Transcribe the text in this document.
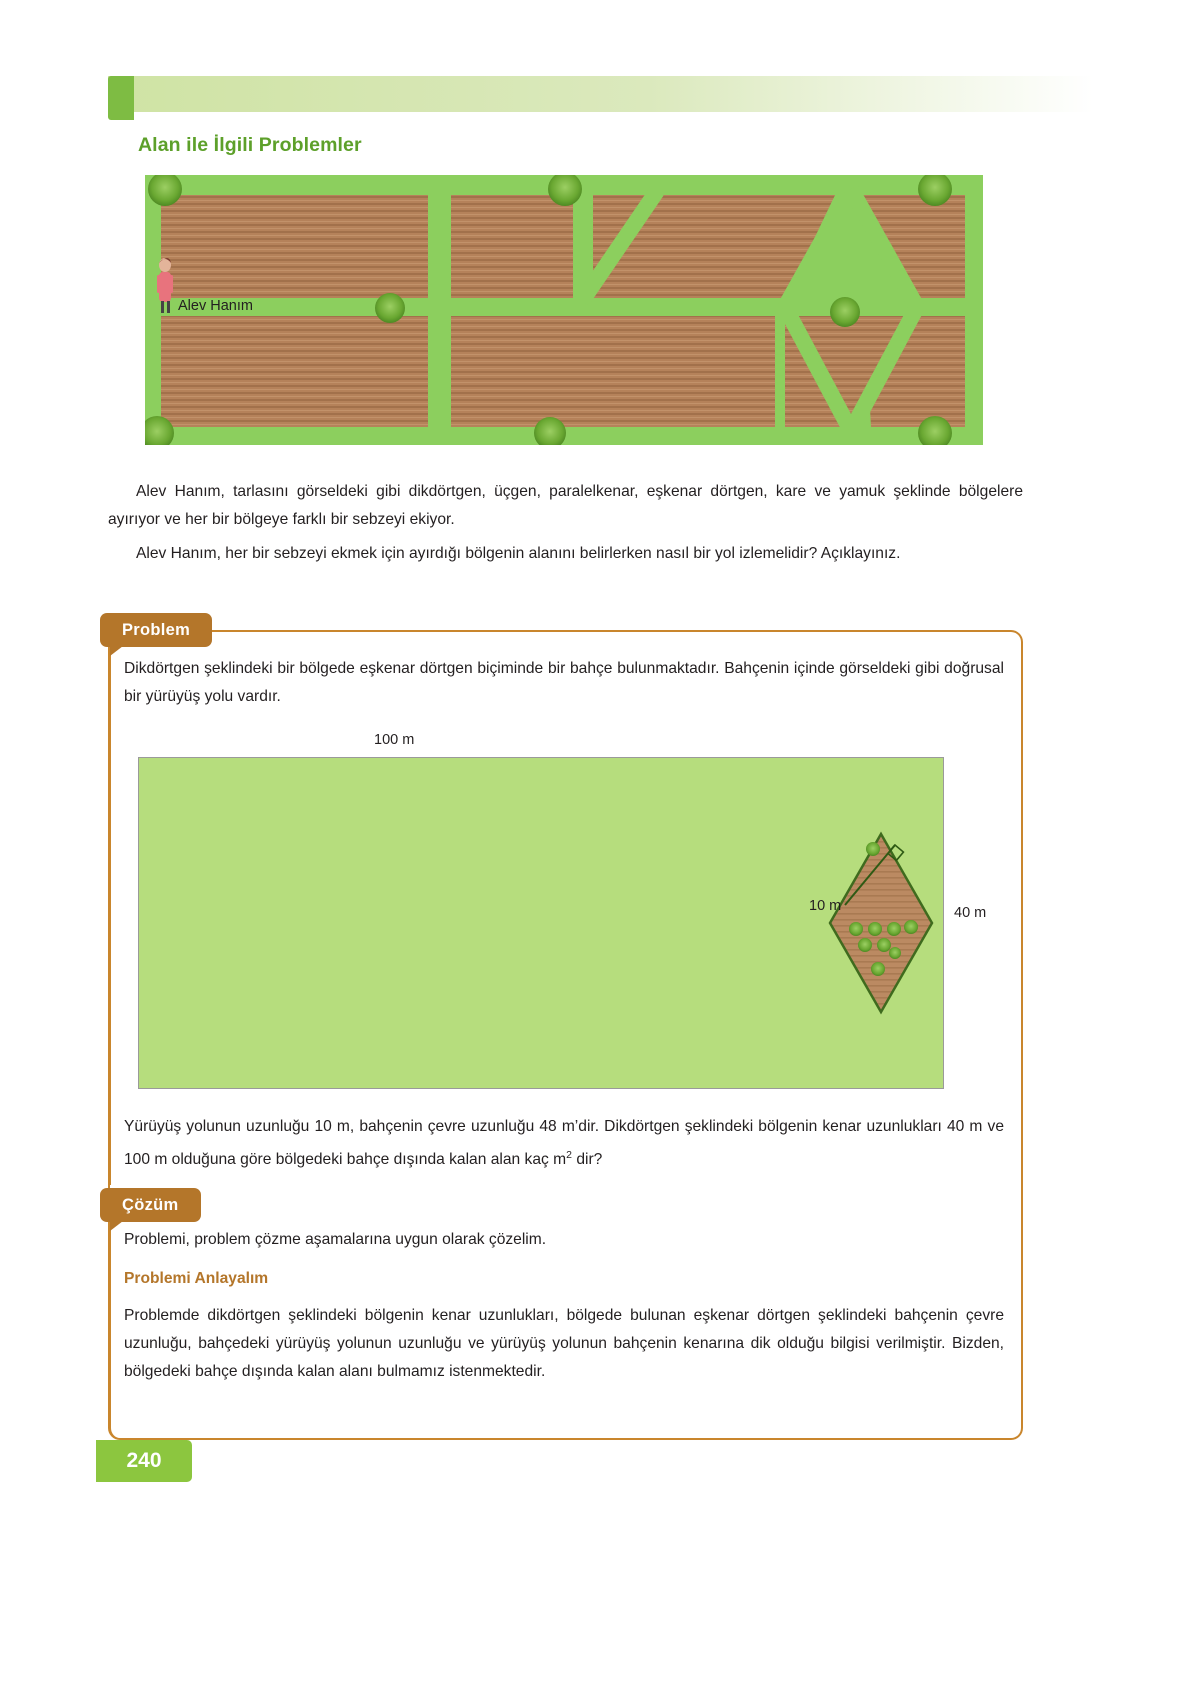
Alan ile İlgili Problemler
Alev Hanım
Alev Hanım, tarlasını görseldeki gibi dikdörtgen, üçgen, paralelkenar, eşkenar dörtgen, kare ve yamuk şeklinde bölgelere ayırıyor ve her bir bölgeye farklı bir sebzeyi ekiyor.
Alev Hanım, her bir sebzeyi ekmek için ayırdığı bölgenin alanını belirlerken nasıl bir yol izlemelidir? Açıklayınız.
Problem
Çözüm
Dikdörtgen şeklindeki bir bölgede eşkenar dörtgen biçiminde bir bahçe bulunmaktadır. Bahçenin içinde görseldeki gibi doğrusal bir yürüyüş yolu vardır.
100 m
40 m
10 m
Yürüyüş yolunun uzunluğu 10 m, bahçenin çevre uzunluğu 48 m’dir. Dikdörtgen şeklindeki bölgenin kenar uzunlukları 40 m ve 100 m olduğuna göre bölgedeki bahçe dışında kalan alan kaç $m^2$ dir?
Problemi, problem çözme aşamalarına uygun olarak çözelim.
Problemi Anlayalım
Problemde dikdörtgen şeklindeki bölgenin kenar uzunlukları, bölgede bulunan eşkenar dörtgen şeklindeki bahçenin çevre uzunluğu, bahçedeki yürüyüş yolunun uzunluğu ve yürüyüş yolunun bahçenin kenarına dik olduğu bilgisi verilmiştir. Bizden, bölgedeki bahçe dışında kalan alanı bulmamız istenmektedir.
240
